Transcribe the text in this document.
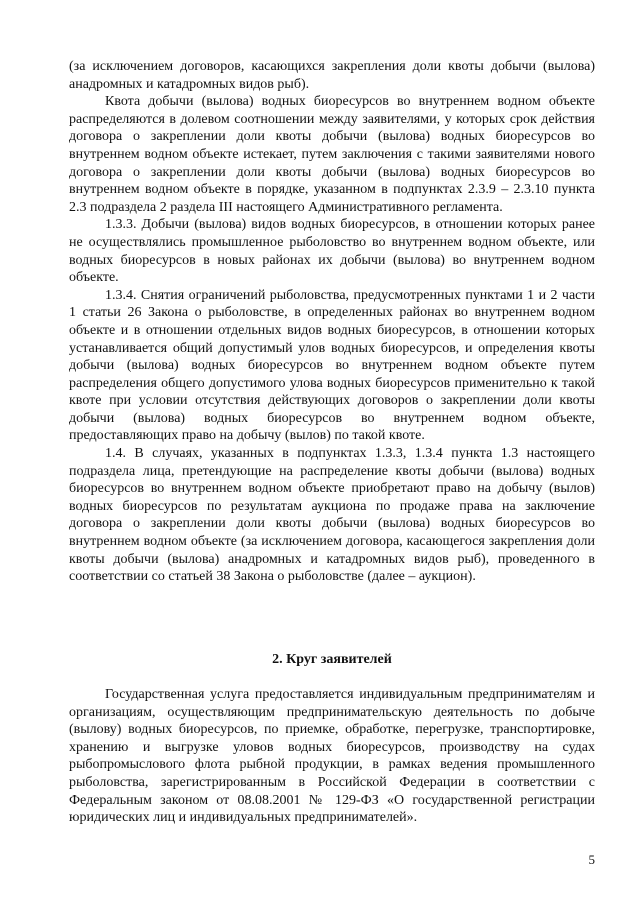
(за исключением договоров, касающихся закрепления доли квоты добычи (вылова) анадромных и катадромных видов рыб).

Квота добычи (вылова) водных биоресурсов во внутреннем водном объекте распределяются в долевом соотношении между заявителями, у которых срок действия договора о закреплении доли квоты добычи (вылова) водных биоресурсов во внутреннем водном объекте истекает, путем заключения с такими заявителями нового договора о закреплении доли квоты добычи (вылова) водных биоресурсов во внутреннем водном объекте в порядке, указанном в подпунктах 2.3.9 – 2.3.10 пункта 2.3 подраздела 2 раздела III настоящего Административного регламента.

1.3.3. Добычи (вылова) видов водных биоресурсов, в отношении которых ранее не осуществлялись промышленное рыболовство во внутреннем водном объекте, или водных биоресурсов в новых районах их добычи (вылова) во внутреннем водном объекте.

1.3.4. Снятия ограничений рыболовства, предусмотренных пунктами 1 и 2 части 1 статьи 26 Закона о рыболовстве, в определенных районах во внутреннем водном объекте и в отношении отдельных видов водных биоресурсов, в отношении которых устанавливается общий допустимый улов водных биоресурсов, и определения квоты добычи (вылова) водных биоресурсов во внутреннем водном объекте путем распределения общего допустимого улова водных биоресурсов применительно к такой квоте при условии отсутствия действующих договоров о закреплении доли квоты добычи (вылова) водных биоресурсов во внутреннем водном объекте, предоставляющих право на добычу (вылов) по такой квоте.

1.4. В случаях, указанных в подпунктах 1.3.3, 1.3.4 пункта 1.3 настоящего подраздела лица, претендующие на распределение квоты добычи (вылова) водных биоресурсов во внутреннем водном объекте приобретают право на добычу (вылов) водных биоресурсов по результатам аукциона по продаже права на заключение договора о закреплении доли квоты добычи (вылова) водных биоресурсов во внутреннем водном объекте (за исключением договора, касающегося закрепления доли квоты добычи (вылова) анадромных и катадромных видов рыб), проведенного в соответствии со статьей 38 Закона о рыболовстве (далее – аукцион).

2. Круг заявителей

Государственная услуга предоставляется индивидуальным предпринимателям и организациям, осуществляющим предпринимательскую деятельность по добыче (вылову) водных биоресурсов, по приемке, обработке, перегрузке, транспортировке, хранению и выгрузке уловов водных биоресурсов, производству на судах рыбопромыслового флота рыбной продукции, в рамках ведения промышленного рыболовства, зарегистрированным в Российской Федерации в соответствии с Федеральным законом от 08.08.2001 № 129-ФЗ «О государственной регистрации юридических лиц и индивидуальных предпринимателей».

5
